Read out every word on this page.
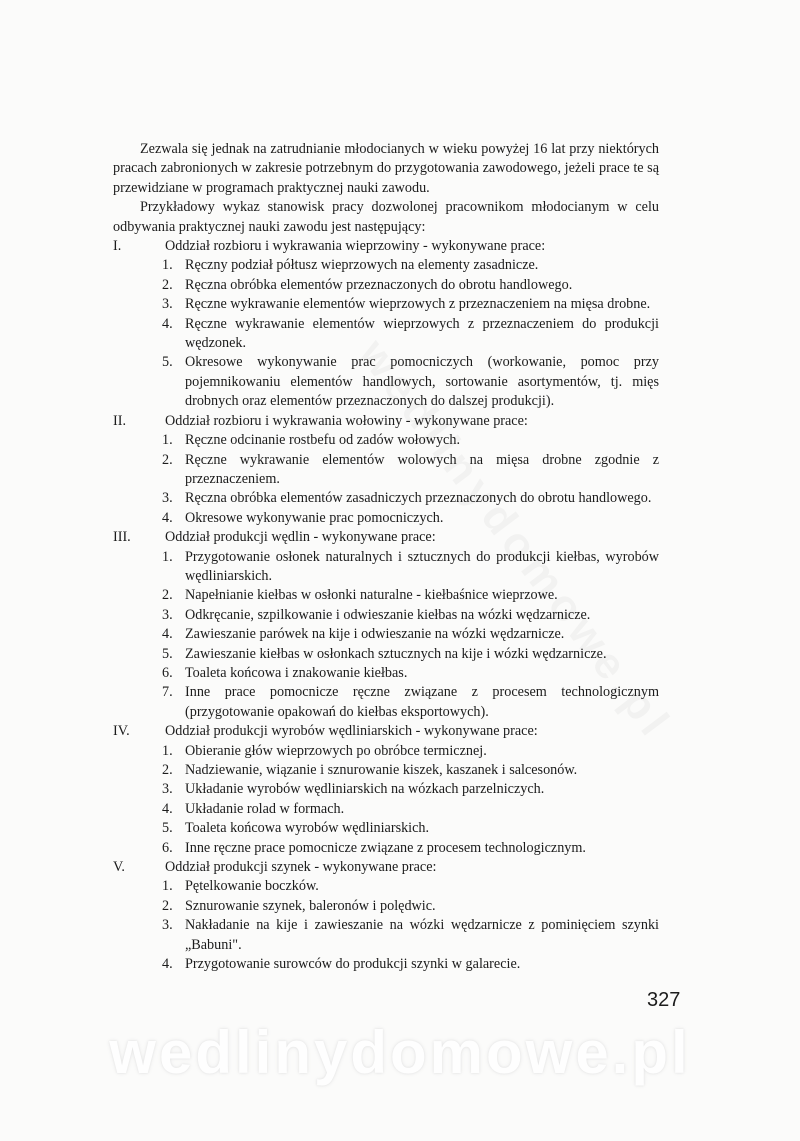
Zezwala się jednak na zatrudnianie młodocianych w wieku powyżej 16 lat przy niektórych pracach zabronionych w zakresie potrzebnym do przygotowania zawodowego, jeżeli prace te są przewidziane w programach praktycznej nauki zawodu.

Przykładowy wykaz stanowisk pracy dozwolonej pracownikom młodocianym w celu odbywania praktycznej nauki zawodu jest następujący:

I.	Oddział rozbioru i wykrawania wieprzowiny - wykonywane prace:
1. Ręczny podział półtusz wieprzowych na elementy zasadnicze.
2. Ręczna obróbka elementów przeznaczonych do obrotu handlowego.
3. Ręczne wykrawanie elementów wieprzowych z przeznaczeniem na mięsa drobne.
4. Ręczne wykrawanie elementów wieprzowych z przeznaczeniem do produkcji wędzonek.
5. Okresowe wykonywanie prac pomocniczych (workowanie, pomoc przy pojemnikowaniu elementów handlowych, sortowanie asortymentów, tj. mięs drobnych oraz elementów przeznaczonych do dalszej produkcji).
II.	Oddział rozbioru i wykrawania wołowiny - wykonywane prace:
1. Ręczne odcinanie rostbefu od zadów wołowych.
2. Ręczne wykrawanie elementów wolowych na mięsa drobne zgodnie z przeznaczeniem.
3. Ręczna obróbka elementów zasadniczych przeznaczonych do obrotu handlowego.
4. Okresowe wykonywanie prac pomocniczych.
III. Oddział produkcji wędlin - wykonywane prace:
1. Przygotowanie osłonek naturalnych i sztucznych do produkcji kiełbas, wyrobów wędliniarskich.
2. Napełnianie kiełbas w osłonki naturalne - kiełbaśnice wieprzowe.
3. Odkręcanie, szpilkowanie i odwieszanie kiełbas na wózki wędzarnicze.
4. Zawieszanie parówek na kije i odwieszanie na wózki wędzarnicze.
5. Zawieszanie kiełbas w osłonkach sztucznych na kije i wózki wędzarnicze.
6. Toaleta końcowa i znakowanie kiełbas.
7. Inne prace pomocnicze ręczne związane z procesem technologicznym (przygotowanie opakowań do kiełbas eksportowych).
IV. Oddział produkcji wyrobów wędliniarskich - wykonywane prace:
1. Obieranie głów wieprzowych po obróbce termicznej.
2. Nadziewanie, wiązanie i sznurowanie kiszek, kaszanek i salcesonów.
3. Układanie wyrobów wędliniarskich na wózkach parzelniczych.
4. Układanie rolad w formach.
5. Toaleta końcowa wyrobów wędliniarskich.
6. Inne ręczne prace pomocnicze związane z procesem technologicznym.
V.	Oddział produkcji szynek - wykonywane prace:
1. Pętelkowanie boczków.
2. Sznurowanie szynek, baleronów i polędwic.
3. Nakładanie na kije i zawieszanie na wózki wędzarnicze z pominięciem szynki „Babuni".
4. Przygotowanie surowców do produkcji szynki w galarecie.
327
wedlinydomowe.pl
